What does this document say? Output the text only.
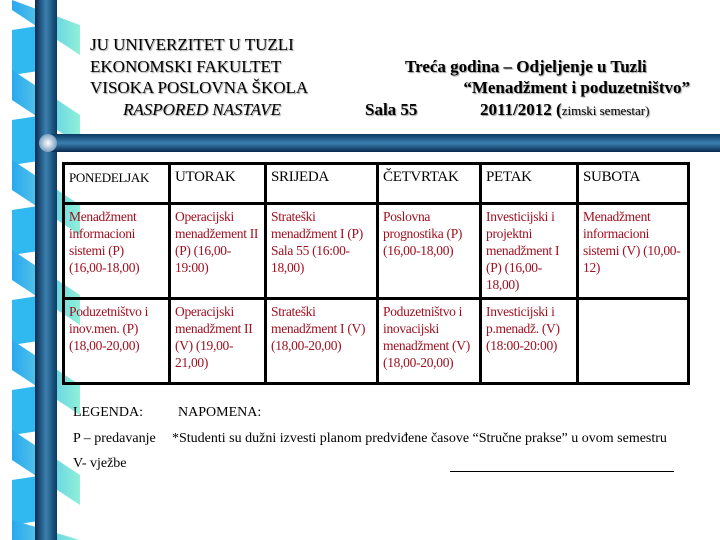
JU UNIVERZITET U TUZLI
EKONOMSKI FAKULTET
VISOKA POSLOVNA ŠKOLA
RASPORED NASTAVE
Treća godina – Odjeljenje u Tuzli
“Menadžment i poduzetništvo”
Sala 55	2011/2012 (zimski semestar)
PONEDELJAK	UTORAK	SRIJEDA	ČETVRTAK	PETAK	SUBOTA
Menadžment informacioni sistemi (P) (16,00-18,00)	Operacijski menadžement II (P) (16,00-19:00)	Strateški menadžment I (P) Sala 55 (16:00-18,00)	Poslovna prognostika (P) (16,00-18,00)	Investicijski i projektni menadžment I (P) (16,00-18,00)	Menadžment informacioni sistemi (V) (10,00-12)
Poduzetništvo i inov.men. (P) (18,00-20,00)	Operacijski menadžment II (V) (19,00-21,00)	Strateški menadžment I (V) (18,00-20,00)	Poduzetništvo i inovacijski menadžment (V) (18,00-20,00)	Investicijski i p.menadž. (V) (18:00-20:00)	
LEGENDA:	NAPOMENA:
P – predavanje *Studenti su dužni izvesti planom predviđene časove “Stručne prakse” u ovom semestru
V- vježbe
